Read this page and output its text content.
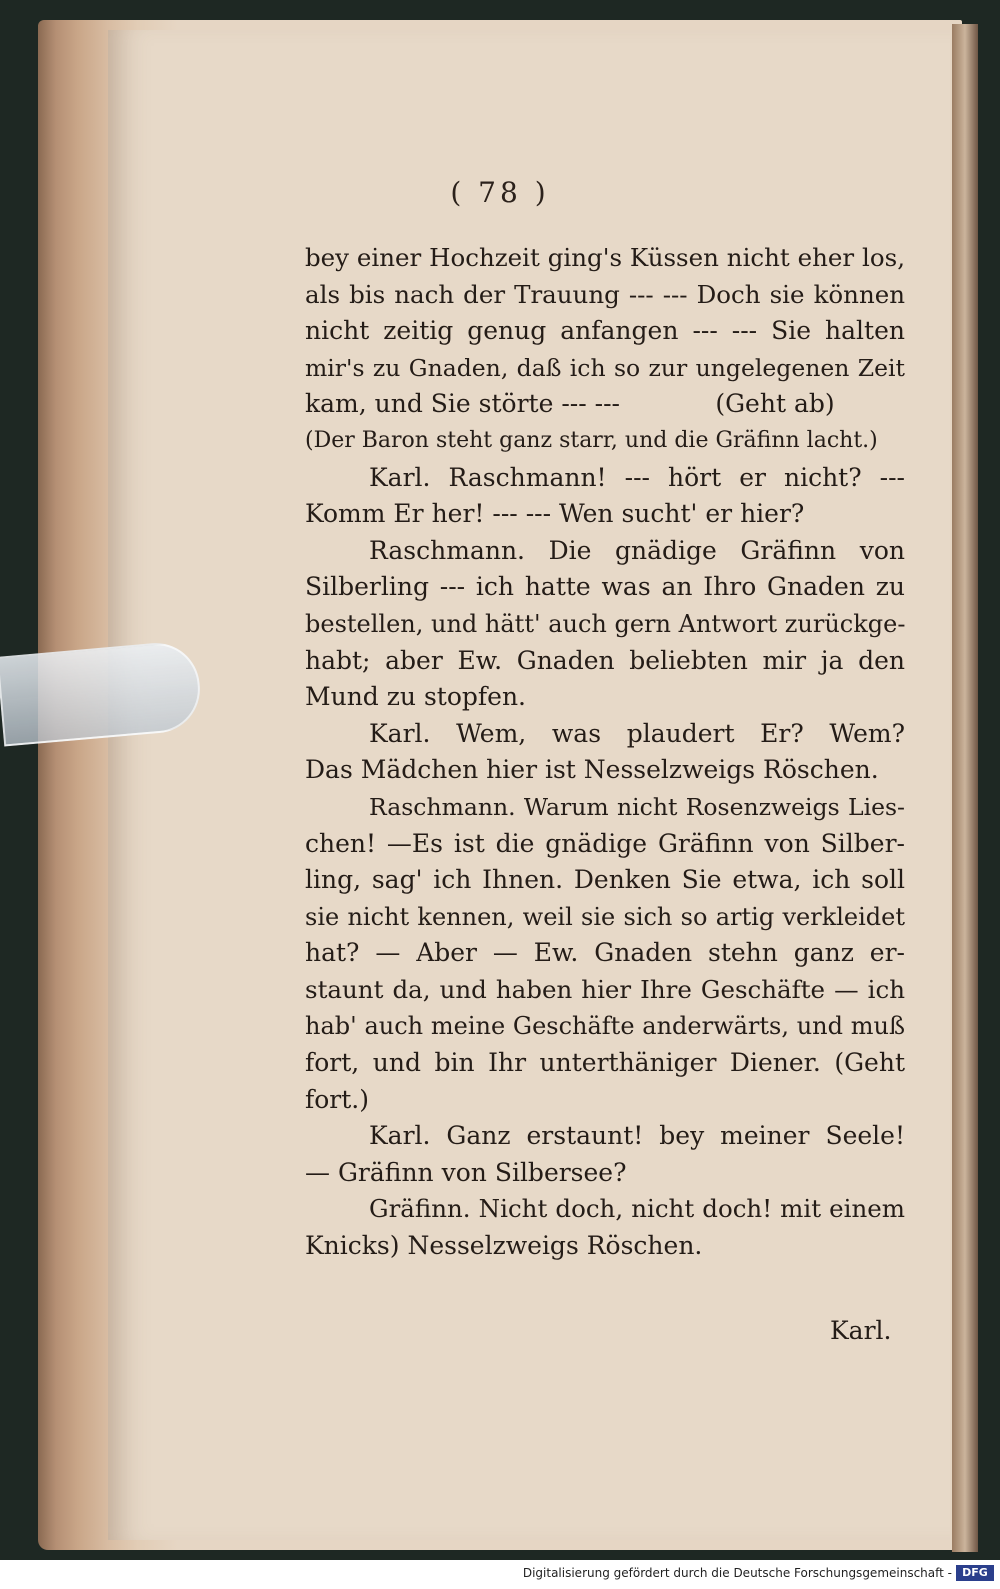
( 78 )
bey einer Hochzeit ging's Küssen nicht eher los,
als bis nach der Trauung --- --- Doch sie können
nicht zeitig genug anfangen --- --- Sie halten
mir's zu Gnaden, daß ich so zur ungelegenen Zeit
kam, und Sie störte --- ---            (Geht ab)
(Der Baron steht ganz starr, und die Gräfinn lacht.)
Karl. Raschmann! --- hört er nicht? ---
Komm Er her! --- --- Wen sucht' er hier?
Raschmann. Die gnädige Gräfinn von
Silberling --- ich hatte was an Ihro Gnaden zu
bestellen, und hätt' auch gern Antwort zurückge-
habt; aber Ew. Gnaden beliebten mir ja den
Mund zu stopfen.
Karl. Wem, was plaudert Er? Wem?
Das Mädchen hier ist Nesselzweigs Röschen.
Raschmann. Warum nicht Rosenzweigs Lies-
chen! —Es ist die gnädige Gräfinn von Silber-
ling, sag' ich Ihnen. Denken Sie etwa, ich soll
sie nicht kennen, weil sie sich so artig verkleidet
hat? — Aber — Ew. Gnaden stehn ganz er-
staunt da, und haben hier Ihre Geschäfte — ich
hab' auch meine Geschäfte anderwärts, und muß
fort, und bin Ihr unterthäniger Diener. (Geht
fort.)
Karl. Ganz erstaunt! bey meiner Seele!
— Gräfinn von Silbersee?
Gräfinn. Nicht doch, nicht doch! mit einem
Knicks) Nesselzweigs Röschen.
Karl.
Digitalisierung gefördert durch die Deutsche Forschungsgemeinschaft - DFG
